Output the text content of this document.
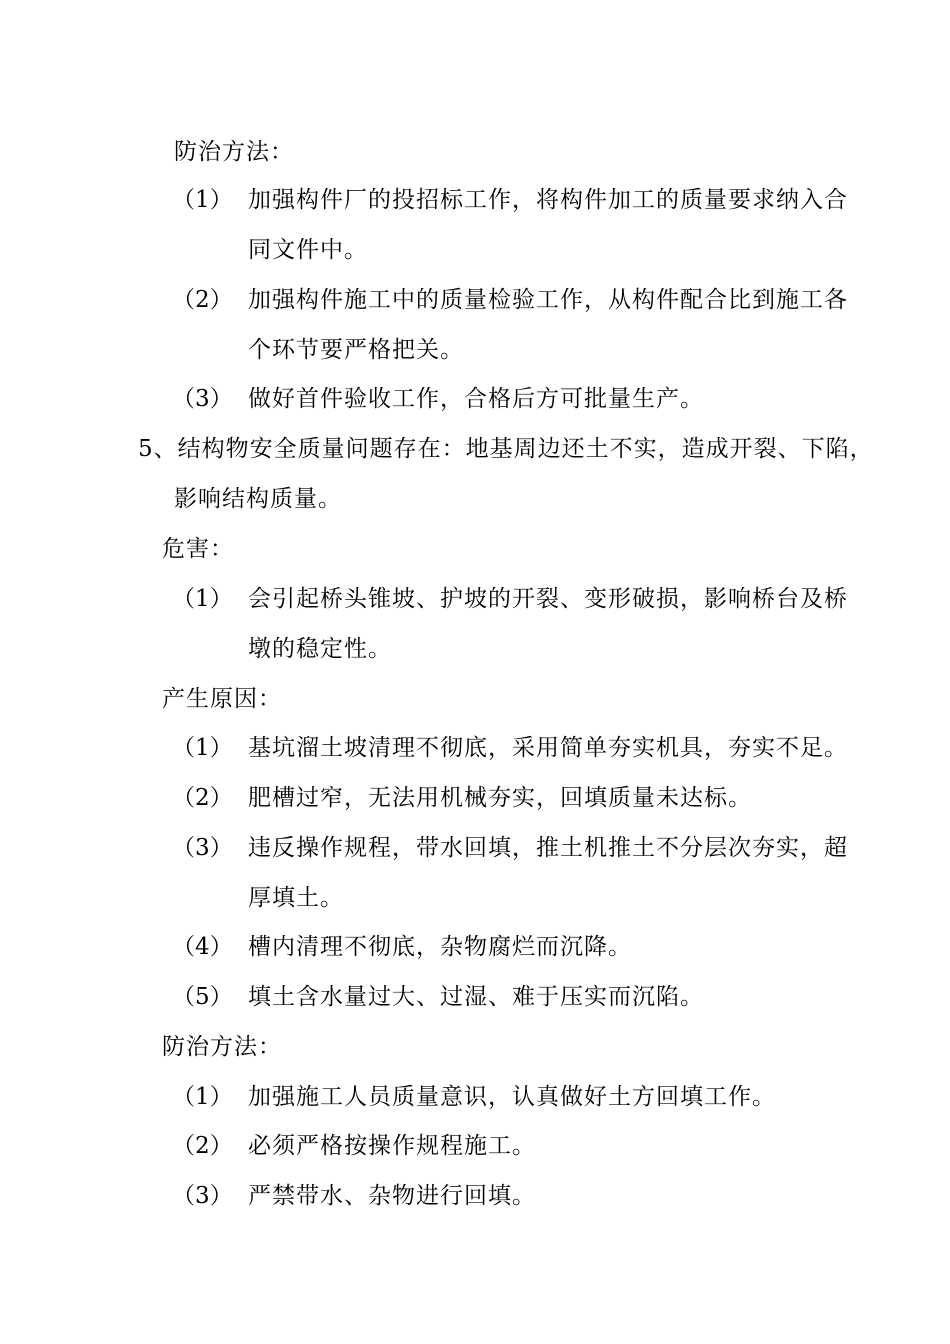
防治方法：
（1） 加强构件厂的投招标工作，将构件加工的质量要求纳入合
同文件中。
（2） 加强构件施工中的质量检验工作，从构件配合比到施工各
个环节要严格把关。
（3） 做好首件验收工作，合格后方可批量生产。
5、结构物安全质量问题存在：地基周边还土不实，造成开裂、下陷，
影响结构质量。
危害：
（1） 会引起桥头锥坡、护坡的开裂、变形破损，影响桥台及桥
墩的稳定性。
产生原因：
（1） 基坑溜土坡清理不彻底，采用简单夯实机具，夯实不足。
（2） 肥槽过窄，无法用机械夯实，回填质量未达标。
（3） 违反操作规程，带水回填，推土机推土不分层次夯实，超
厚填土。
（4） 槽内清理不彻底，杂物腐烂而沉降。
（5） 填土含水量过大、过湿、难于压实而沉陷。
防治方法：
（1） 加强施工人员质量意识，认真做好土方回填工作。
（2） 必须严格按操作规程施工。
（3） 严禁带水、杂物进行回填。
